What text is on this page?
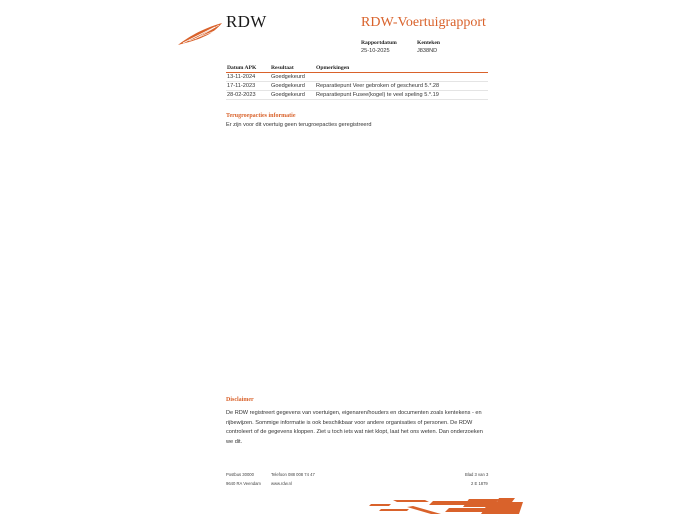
RDW	RDW-Voertuigrapport
Rapportdatum
25-10-2025
Kenteken
J838ND
Datum APK	Resultaat	Opmerkingen
13-11-2024	Goedgekeurd	
17-11-2023	Goedgekeurd	Reparatiepunt Veer gebroken of gescheurd 5.*.28
28-02-2023	Goedgekeurd	Reparatiepunt Fusee(kogel) te veel speling 5.*.19
Terugroepacties informatie
Er zijn voor dit voertuig geen terugroepacties geregistreerd
Disclaimer
De RDW registreert gegevens van voertuigen, eigenaren/houders en documenten zoals kentekens - en rijbewijzen. Sommige informatie is ook beschikbaar voor andere organisaties of personen. De RDW controleert of de gegevens kloppen. Ziet u toch iets wat niet klopt, laat het ons weten. Dan onderzoeken we dit.
Postbus 30000	Telefoon 088 008 74 47
9640 RA Veendam www.rdw.nl
Blad 3 van 3
2 E 1879
